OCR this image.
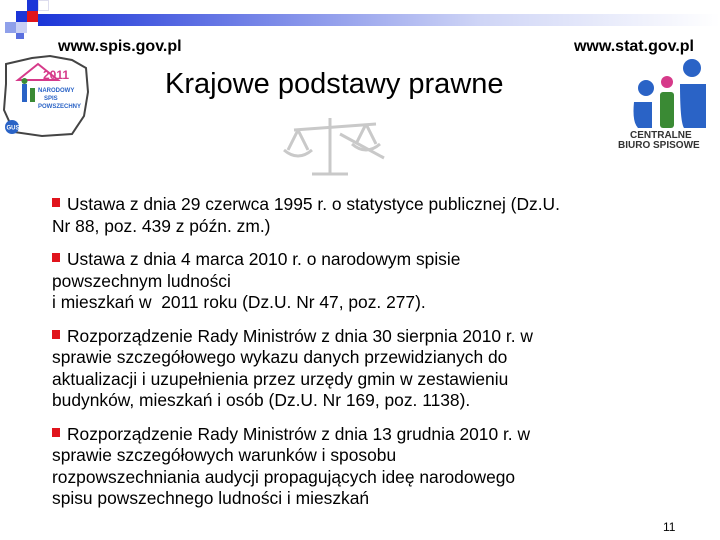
www.spis.gov.pl	www.stat.gov.pl
2011
NARODOWY
SPIS
POWSZECHNY
GUS
Krajowe podstawy prawne
CENTRALNE
BIURO SPISOWE
Ustawa z dnia 29 czerwca 1995 r. o statystyce publicznej (Dz.U.
Nr 88, poz. 439 z późn. zm.)
Ustawa z dnia 4 marca 2010 r. o narodowym spisie
powszechnym ludności
i mieszkań w  2011 roku (Dz.U. Nr 47, poz. 277).
Rozporządzenie Rady Ministrów z dnia 30 sierpnia 2010 r. w
sprawie szczegółowego wykazu danych przewidzianych do
aktualizacji i uzupełnienia przez urzędy gmin w zestawieniu
budynków, mieszkań i osób (Dz.U. Nr 169, poz. 1138).
Rozporządzenie Rady Ministrów z dnia 13 grudnia 2010 r. w
sprawie szczegółowych warunków i sposobu
rozpowszechniania audycji propagujących ideę narodowego
spisu powszechnego ludności i mieszkań
11
